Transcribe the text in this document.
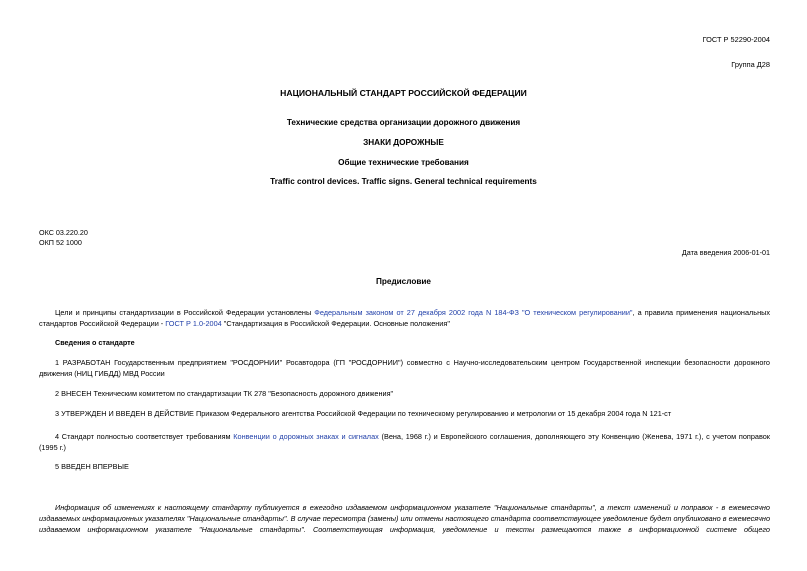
ГОСТ Р 52290-2004
Группа Д28
НАЦИОНАЛЬНЫЙ СТАНДАРТ РОССИЙСКОЙ ФЕДЕРАЦИИ
Технические средства организации дорожного движения
ЗНАКИ ДОРОЖНЫЕ
Общие технические требования
Traffic control devices. Traffic signs. General technical requirements
ОКС 03.220.20
ОКП 52 1000
Дата введения 2006-01-01
Предисловие
Цели и принципы стандартизации в Российской Федерации установлены Федеральным законом от 27 декабря 2002 года N 184-ФЗ "О техническом регулировании", а правила применения национальных стандартов Российской Федерации - ГОСТ Р 1.0-2004 "Стандартизация в Российской Федерации. Основные положения"
Сведения о стандарте
1 РАЗРАБОТАН Государственным предприятием "РОСДОРНИИ" Росавтодора (ГП "РОСДОРНИИ") совместно с Научно-исследовательским центром Государственной инспекции безопасности дорожного движения (НИЦ ГИБДД) МВД России
2 ВНЕСЕН Техническим комитетом по стандартизации ТК 278 "Безопасность дорожного движения"
3 УТВЕРЖДЕН И ВВЕДЕН В ДЕЙСТВИЕ Приказом Федерального агентства Российской Федерации по техническому регулированию и метрологии от 15 декабря 2004 года N 121-ст
4 Стандарт полностью соответствует требованиям Конвенции о дорожных знаках и сигналах (Вена, 1968 г.) и Европейского соглашения, дополняющего эту Конвенцию (Женева, 1971 г.), с учетом поправок (1995 г.)
5 ВВЕДЕН ВПЕРВЫЕ
Информация об изменениях к настоящему стандарту публикуется в ежегодно издаваемом информационном указателе "Национальные стандарты", а текст изменений и поправок - в ежемесячно издаваемых информационных указателях "Национальные стандарты". В случае пересмотра (замены) или отмены настоящего стандарта соответствующее уведомление будет опубликовано в ежемесячно издаваемом информационном указателе "Национальные стандарты". Соответствующая информация, уведомление и тексты размещаются также в информационной системе общего
